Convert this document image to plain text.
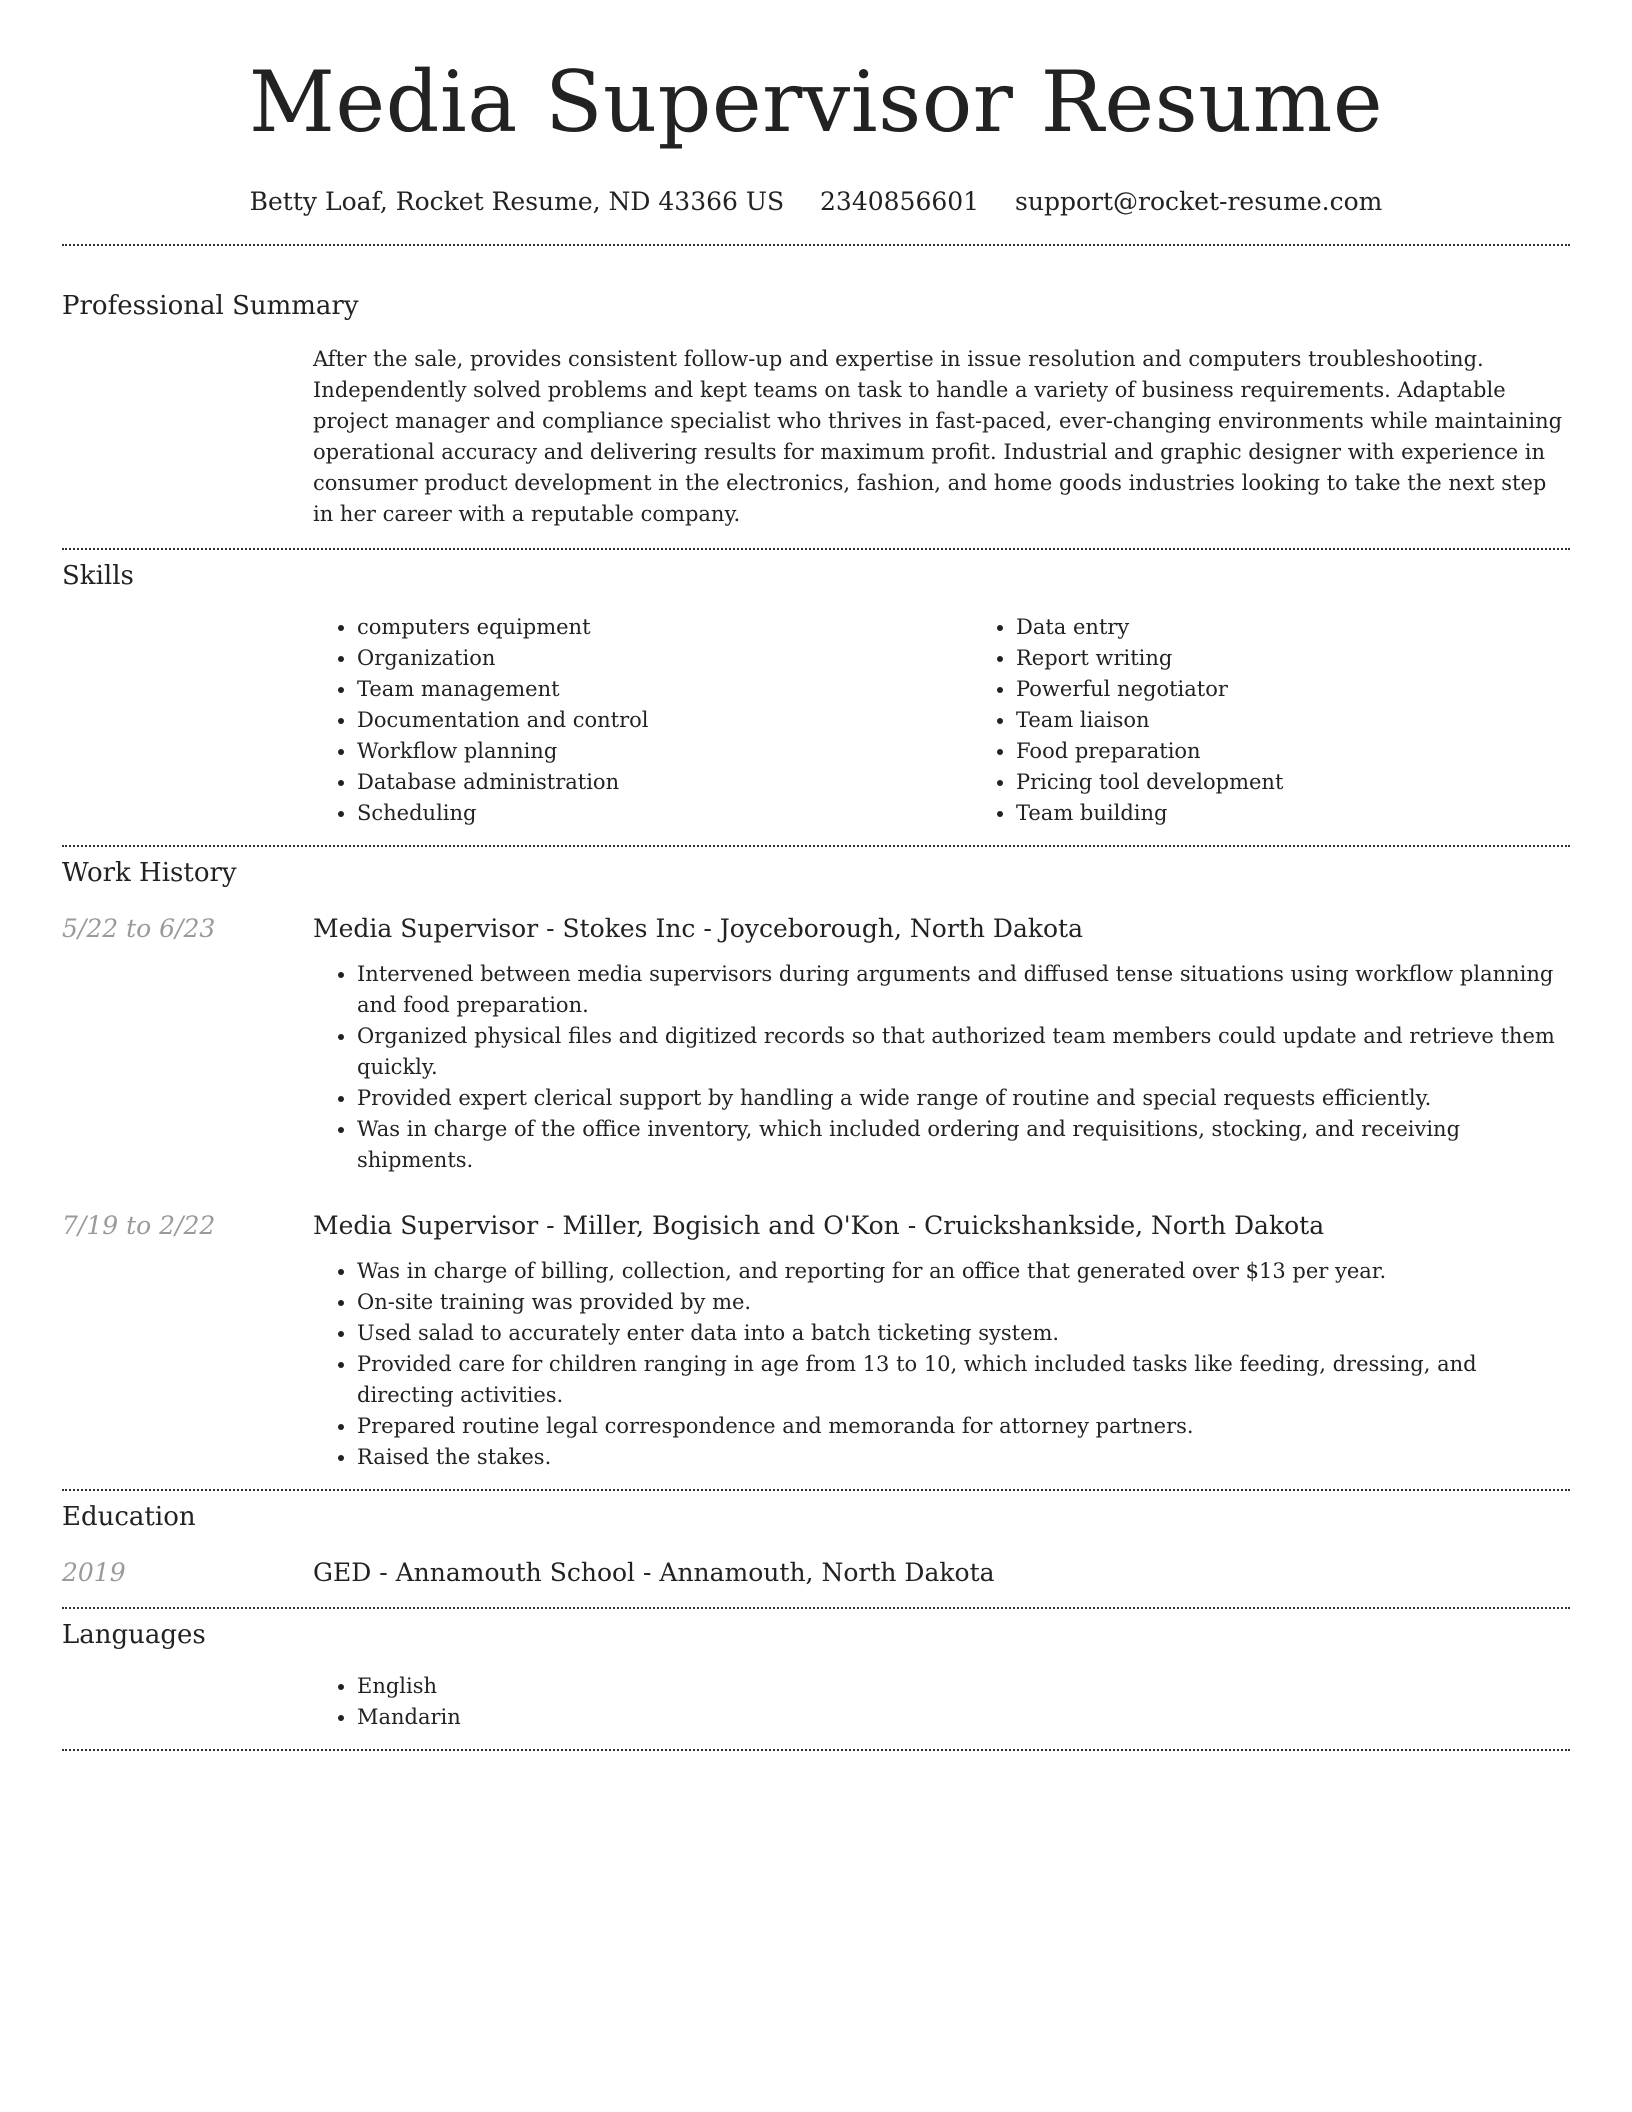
Media Supervisor Resume
Betty Loaf, Rocket Resume, ND 43366 US 2340856601 support@rocket-resume.com
Professional Summary

After the sale, provides consistent follow-up and expertise in issue resolution and computers troubleshooting. Independently solved problems and kept teams on task to handle a variety of business requirements. Adaptable project manager and compliance specialist who thrives in fast-paced, ever-changing environments while maintaining operational accuracy and delivering results for maximum profit. Industrial and graphic designer with experience in consumer product development in the electronics, fashion, and home goods industries looking to take the next step in her career with a reputable company.

Skills
• computers equipment
• Organization
• Team management
• Documentation and control
• Workflow planning
• Database administration
• Scheduling
• Data entry
• Report writing
• Powerful negotiator
• Team liaison
• Food preparation
• Pricing tool development
• Team building
Work History
5/22 to 6/23	Media Supervisor - Stokes Inc - Joyceborough, North Dakota
• Intervened between media supervisors during arguments and diffused tense situations using workflow planning and food preparation.
• Organized physical files and digitized records so that authorized team members could update and retrieve them quickly.
• Provided expert clerical support by handling a wide range of routine and special requests efficiently.
• Was in charge of the office inventory, which included ordering and requisitions, stocking, and receiving shipments.
7/19 to 2/22	Media Supervisor - Miller, Bogisich and O'Kon - Cruickshankside, North Dakota
• Was in charge of billing, collection, and reporting for an office that generated over $13 per year.
• On-site training was provided by me.
• Used salad to accurately enter data into a batch ticketing system.
• Provided care for children ranging in age from 13 to 10, which included tasks like feeding, dressing, and directing activities.
• Prepared routine legal correspondence and memoranda for attorney partners.
• Raised the stakes.
Education
2019	GED - Annamouth School - Annamouth, North Dakota
Languages
• English
• Mandarin
